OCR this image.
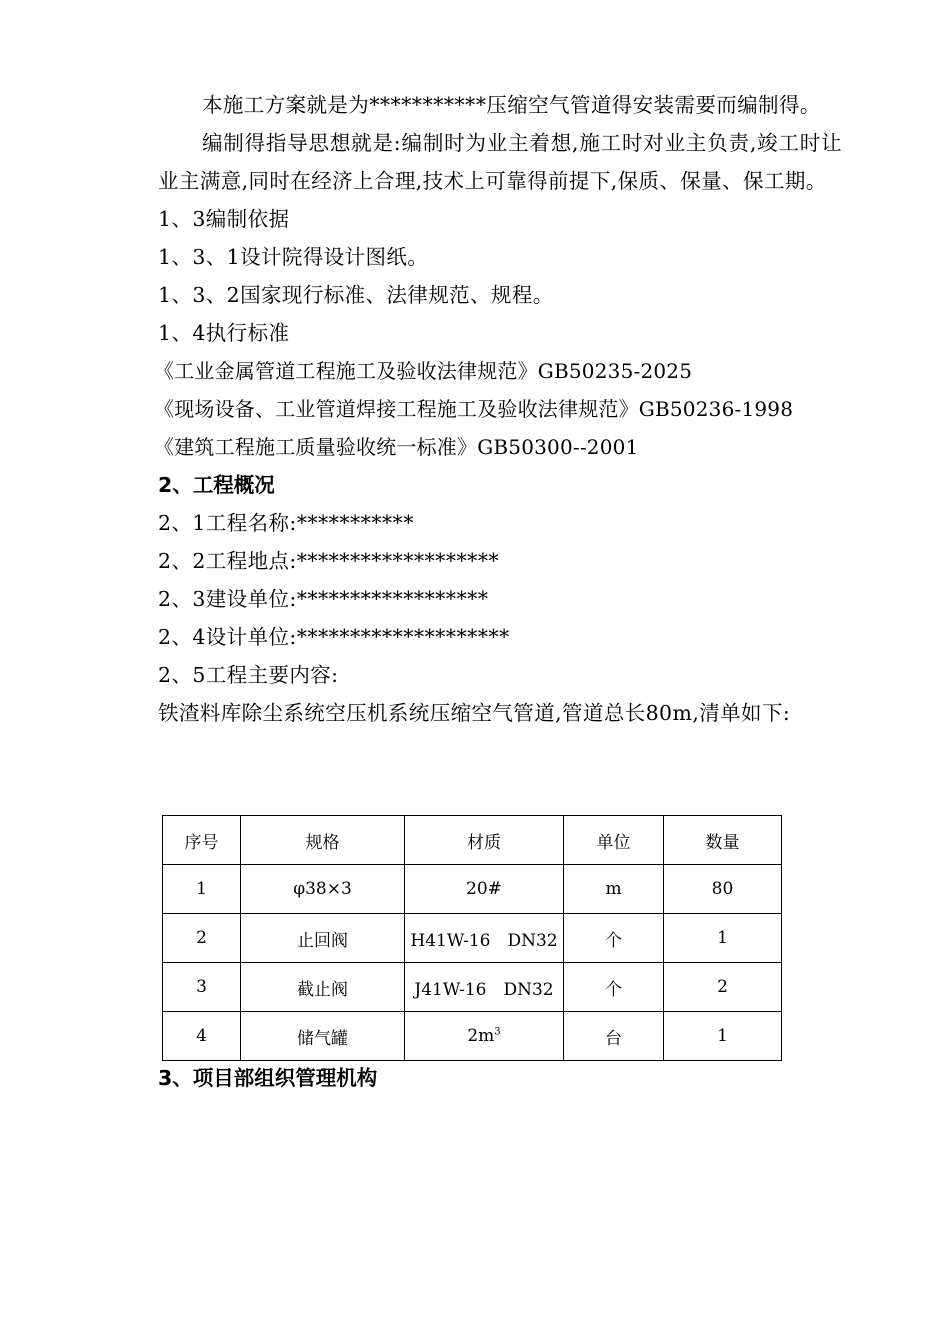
本施工方案就是为***********压缩空气管道得安装需要而编制得。

编制得指导思想就是:编制时为业主着想,施工时对业主负责,竣工时让业主满意,同时在经济上合理,技术上可靠得前提下,保质、保量、保工期。

1、3编制依据

1、3、1设计院得设计图纸。

1、3、2国家现行标准、法律规范、规程。

1、4执行标准

《工业金属管道工程施工及验收法律规范》GB50235-2025

《现场设备、工业管道焊接工程施工及验收法律规范》GB50236-1998

《建筑工程施工质量验收统一标准》GB50300--2001

2、工程概况

2、1工程名称:***********

2、2工程地点:*******************

2、3建设单位:******************

2、4设计单位:********************

2、5工程主要内容:

铁渣料库除尘系统空压机系统压缩空气管道,管道总长80m,清单如下:

序号	规格	材质	单位	数量
1	φ38×3	20#	m	80
2	止回阀	H41W-16　DN32	个	1
3	截止阀	J41W-16　DN32	个	2
4	储气罐	$2m^3$	台	1

3、项目部组织管理机构
